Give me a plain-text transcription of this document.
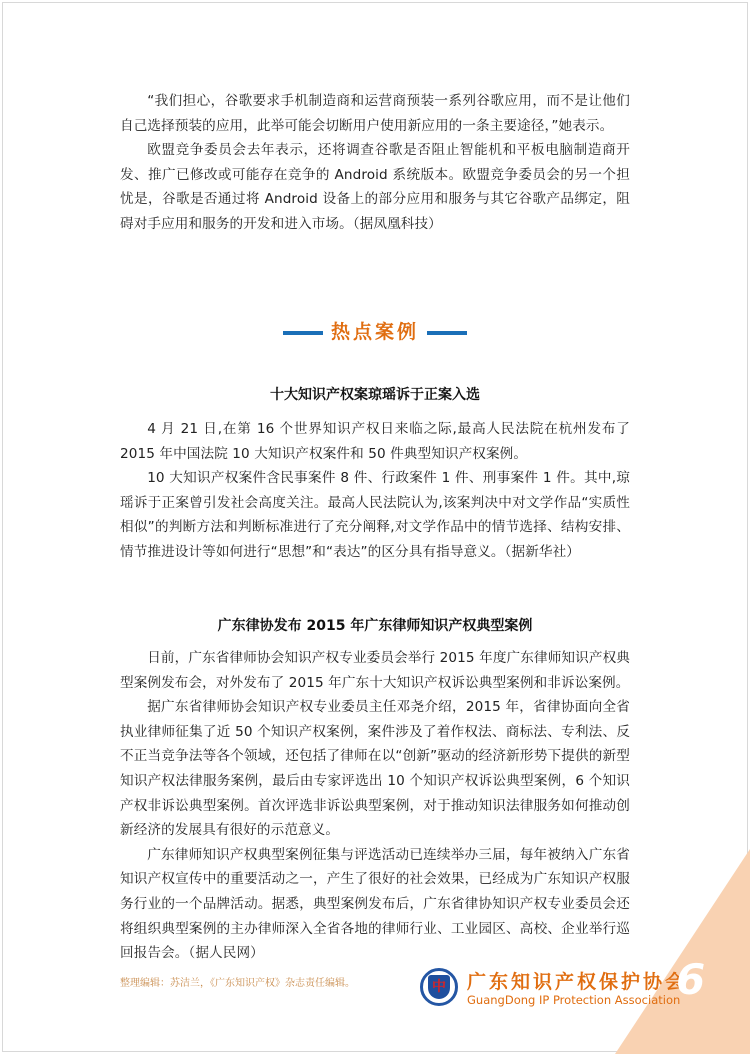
“我们担心，谷歌要求手机制造商和运营商预装一系列谷歌应用，而不是让他们自己选择预装的应用，此举可能会切断用户使用新应用的一条主要途径，”她表示。

欧盟竞争委员会去年表示，还将调查谷歌是否阻止智能机和平板电脑制造商开发、推广已修改或可能存在竞争的 Android 系统版本。欧盟竞争委员会的另一个担忧是，谷歌是否通过将 Android 设备上的部分应用和服务与其它谷歌产品绑定，阻碍对手应用和服务的开发和进入市场。（据凤凰科技）

热点案例
十大知识产权案琼瑶诉于正案入选

4 月 21 日,在第 16 个世界知识产权日来临之际,最高人民法院在杭州发布了 2015 年中国法院 10 大知识产权案件和 50 件典型知识产权案例。

10 大知识产权案件含民事案件 8 件、行政案件 1 件、刑事案件 1 件。其中,琼瑶诉于正案曾引发社会高度关注。最高人民法院认为,该案判决中对文学作品“实质性相似”的判断方法和判断标准进行了充分阐释,对文学作品中的情节选择、结构安排、情节推进设计等如何进行“思想”和“表达”的区分具有指导意义。（据新华社）

广东律协发布 2015 年广东律师知识产权典型案例

日前，广东省律师协会知识产权专业委员会举行 2015 年度广东律师知识产权典型案例发布会，对外发布了 2015 年广东十大知识产权诉讼典型案例和非诉讼案例。

据广东省律师协会知识产权专业委员主任邓尧介绍，2015 年，省律协面向全省执业律师征集了近 50 个知识产权案例，案件涉及了着作权法、商标法、专利法、反不正当竞争法等各个领域，还包括了律师在以“创新”驱动的经济新形势下提供的新型知识产权法律服务案例，最后由专家评选出 10 个知识产权诉讼典型案例，6 个知识产权非诉讼典型案例。首次评选非诉讼典型案例，对于推动知识法律服务如何推动创新经济的发展具有很好的示范意义。

广东律师知识产权典型案例征集与评选活动已连续举办三届，每年被纳入广东省知识产权宣传中的重要活动之一，产生了很好的社会效果，已经成为广东知识产权服务行业的一个品牌活动。据悉，典型案例发布后，广东省律协知识产权专业委员会还将组织典型案例的主办律师深入全省各地的律师行业、工业园区、高校、企业举行巡回报告会。（据人民网）

整理编辑：苏洁兰，《广东知识产权》杂志责任编辑。	中 广东知识产权保护协会
GuangDong IP Protection Association
6
